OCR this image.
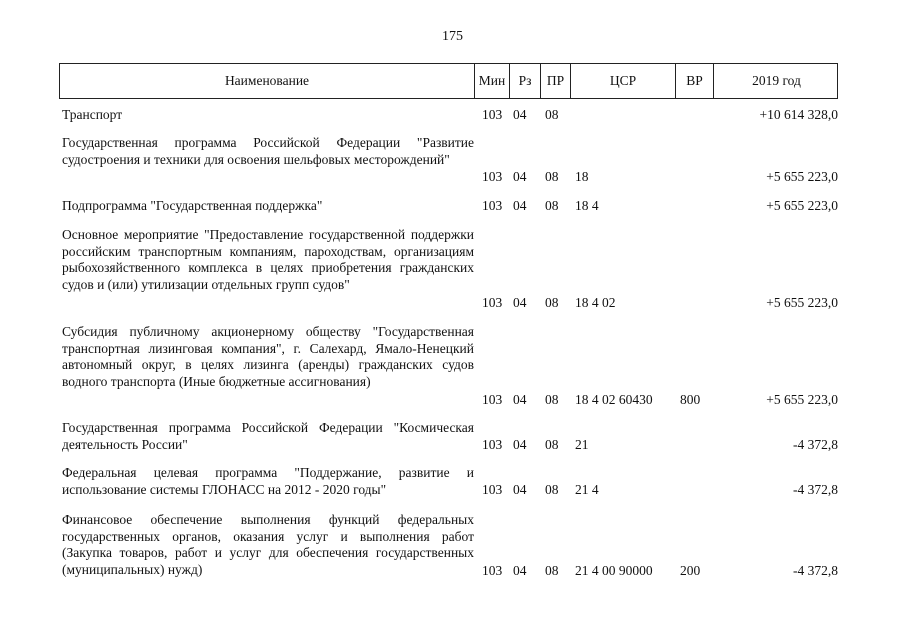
175
Наименование	Мин Рз	ПР	ЦСР	ВР	2019 год
Транспорт	103 04 08	+10 614 328,0
Государственная программа Российской Федерации "Развитие судостроения и техники для освоения шельфовых месторождений"
103 04 08 18	+5 655 223,0
Подпрограмма "Государственная поддержка"	103 04 08 18 4	+5 655 223,0
Основное мероприятие "Предоставление государственной поддержки российским транспортным компаниям, пароходствам, организациям рыбохозяйственного комплекса в целях приобретения гражданских судов и (или) утилизации отдельных групп судов"
103 04 08 18 4 02	+5 655 223,0
Субсидия публичному акционерному обществу "Государственная транспортная лизинговая компания", г. Салехард, Ямало-Ненецкий автономный округ, в целях лизинга (аренды) гражданских судов водного транспорта (Иные бюджетные ассигнования)
103 04 08 18 4 02 60430 800	+5 655 223,0
Государственная программа Российской Федерации "Космическая деятельность России"	103 04 08 21	-4 372,8
Федеральная целевая программа "Поддержание, развитие и использование системы ГЛОНАСС на 2012 - 2020 годы"	103 04 08 21 4	-4 372,8
Финансовое обеспечение выполнения функций федеральных государственных органов, оказания услуг и выполнения работ (Закупка товаров, работ и услуг для обеспечения государственных (муниципальных) нужд)	103 04 08 21 4 00 90000 200	-4 372,8
